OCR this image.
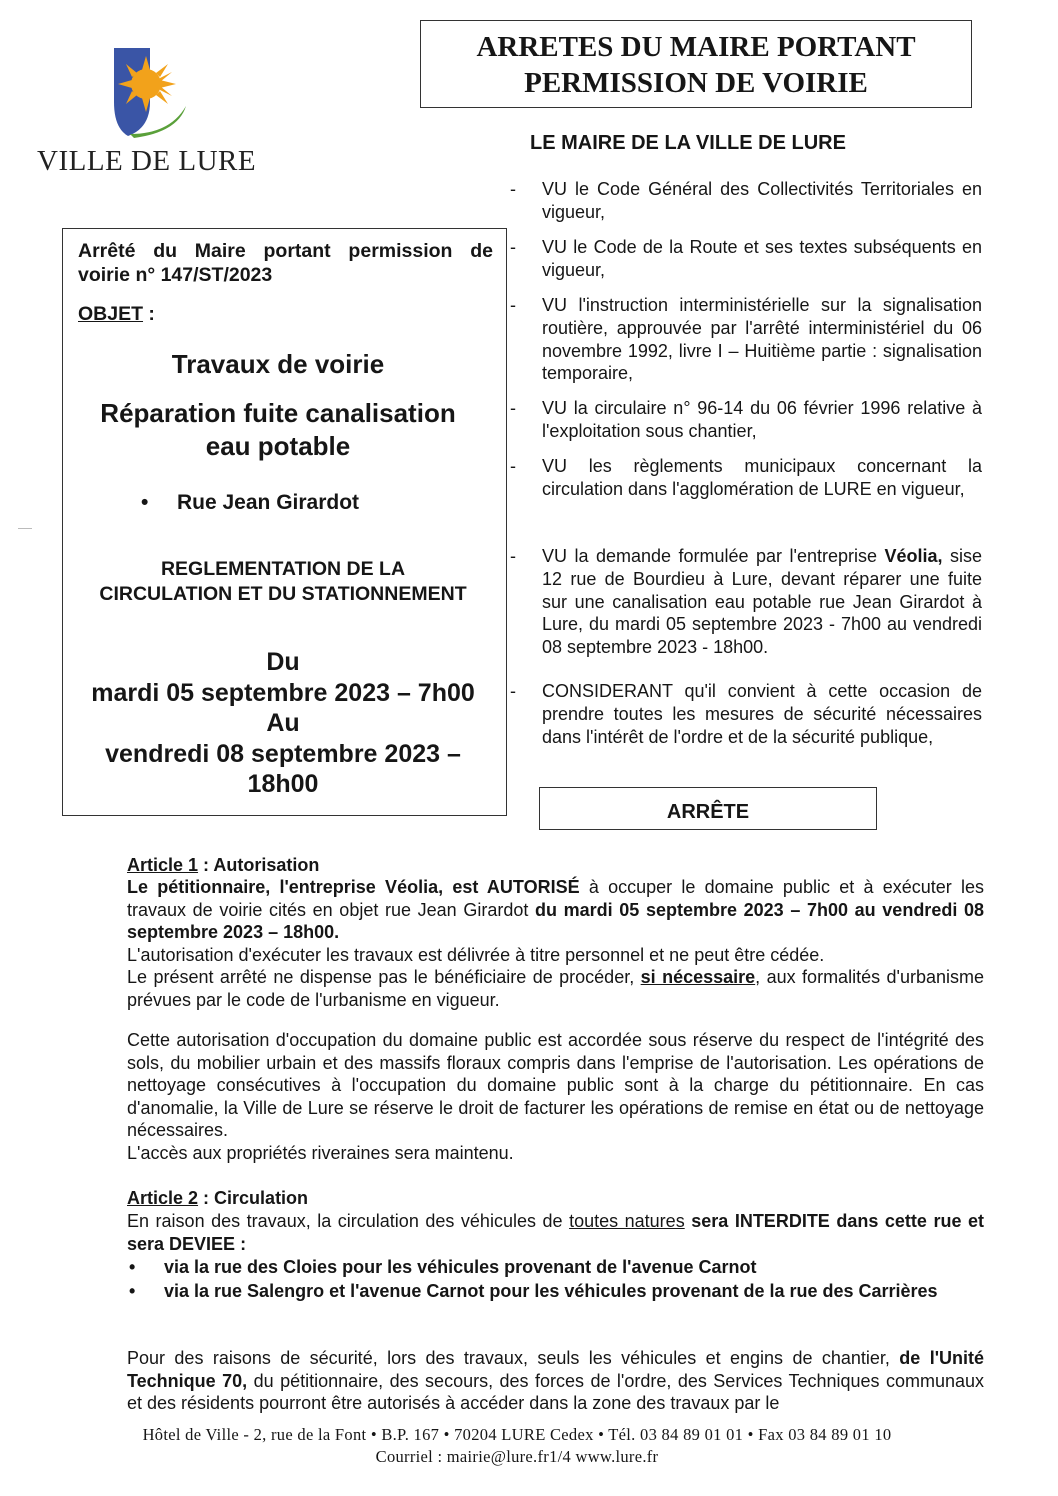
VILLE DE LURE
ARRETES DU MAIRE PORTANT
PERMISSION DE VOIRIE
LE MAIRE DE LA VILLE DE LURE
Arrêté du Maire portant permission de
voirie n° 147/ST/2023
OBJET :
Travaux de voirie
Réparation fuite canalisation
eau potable
• Rue Jean Girardot
REGLEMENTATION DE LA
CIRCULATION ET DU STATIONNEMENT
Du
mardi 05 septembre 2023 – 7h00
Au
vendredi 08 septembre 2023 –
18h00
- VU le Code Général des Collectivités Territoriales en vigueur,
- VU le Code de la Route et ses textes subséquents en vigueur,
- VU l'instruction interministérielle sur la signalisation routière, approuvée par l'arrêté interministériel du 06 novembre 1992, livre I – Huitième partie : signalisation temporaire,
- VU la circulaire n° 96-14 du 06 février 1996 relative à l'exploitation sous chantier,
- VU les règlements municipaux concernant la circulation dans l'agglomération de LURE en vigueur,
- VU la demande formulée par l'entreprise Véolia, sise 12 rue de Bourdieu à Lure, devant réparer une fuite sur une canalisation eau potable rue Jean Girardot à Lure, du mardi 05 septembre 2023 - 7h00 au vendredi 08 septembre 2023 - 18h00.
- CONSIDERANT qu'il convient à cette occasion de prendre toutes les mesures de sécurité nécessaires dans l'intérêt de l'ordre et de la sécurité publique,
ARRÊTE
Article 1 : Autorisation
Le pétitionnaire, l'entreprise Véolia, est AUTORISÉ à occuper le domaine public et à exécuter les travaux de voirie cités en objet rue Jean Girardot du mardi 05 septembre 2023 – 7h00 au vendredi 08 septembre 2023 – 18h00.
L'autorisation d'exécuter les travaux est délivrée à titre personnel et ne peut être cédée.
Le présent arrêté ne dispense pas le bénéficiaire de procéder, si nécessaire, aux formalités d'urbanisme prévues par le code de l'urbanisme en vigueur.
Cette autorisation d'occupation du domaine public est accordée sous réserve du respect de l'intégrité des sols, du mobilier urbain et des massifs floraux compris dans l'emprise de l'autorisation. Les opérations de nettoyage consécutives à l'occupation du domaine public sont à la charge du pétitionnaire. En cas d'anomalie, la Ville de Lure se réserve le droit de facturer les opérations de remise en état ou de nettoyage nécessaires.
L'accès aux propriétés riveraines sera maintenu.
Article 2 : Circulation
En raison des travaux, la circulation des véhicules de toutes natures sera INTERDITE dans cette rue et sera DEVIEE :
• via la rue des Cloies pour les véhicules provenant de l'avenue Carnot
• via la rue Salengro et l'avenue Carnot pour les véhicules provenant de la rue des Carrières
Pour des raisons de sécurité, lors des travaux, seuls les véhicules et engins de chantier, de l'Unité Technique 70, du pétitionnaire, des secours, des forces de l'ordre, des Services Techniques communaux et des résidents pourront être autorisés à accéder dans la zone des travaux par le
Hôtel de Ville - 2, rue de la Font • B.P. 167 • 70204 LURE Cedex • Tél. 03 84 89 01 01 • Fax 03 84 89 01 10
Courriel : mairie@lure.fr1/4 www.lure.fr
